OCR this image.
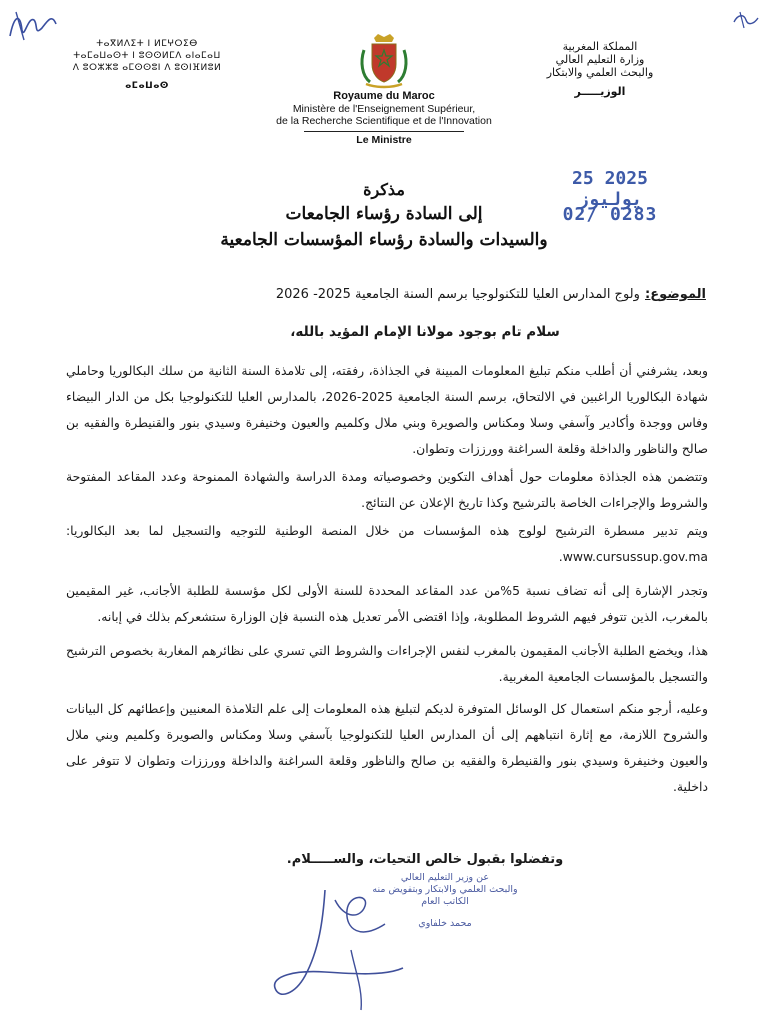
ⵜⴰⴳⵍⴷⵉⵜ ⵏ ⵍⵎⵖⵔⵉⴱ
ⵜⴰⵎⴰⵡⴰⵙⵜ ⵏ ⵓⵙⵙⵍⵎⴷ ⴰⵏⴰⵎⴰⵡ
ⴷ ⵓⵔⵣⵣⵓ ⴰⵎⵙⵙⵓⵏ ⴷ ⵓⵙⵏⴼⵍⵓⵍ
ⴰⵎⴰⵡⴰⵙ
Royaume du Maroc
Ministère de l'Enseignement Supérieur,
de la Recherche Scientifique et de l'Innovation
Le Ministre
المملكة المغربية
وزارة التعليم العالي
والبحث العلمي والابتكار
الوزيـــــر
2025 25 يوليوز
02/ 0283
مذكرة
إلى السادة رؤساء الجامعات
والسيدات والسادة رؤساء المؤسسات الجامعية
الموضوع: ولوج المدارس العليا للتكنولوجيا برسم السنة الجامعية 2025- 2026
سلام تام بوجود مولانا الإمام المؤيد بالله،

وبعد، يشرفني أن أطلب منكم تبليغ المعلومات المبينة في الجذاذة، رفقته، إلى تلامذة السنة الثانية من سلك البكالوريا وحاملي شهادة البكالوريا الراغبين في الالتحاق، برسم السنة الجامعية 2025-2026، بالمدارس العليا للتكنولوجيا بكل من الدار البيضاء وفاس ووجدة وأكادير وآسفي وسلا ومكناس والصويرة وبني ملال وكلميم والعيون وخنيفرة وسيدي بنور والقنيطرة والفقيه بن صالح والناظور والداخلة وقلعة السراغنة وورززات وتطوان.

وتتضمن هذه الجذاذة معلومات حول أهداف التكوين وخصوصياته ومدة الدراسة والشهادة الممنوحة وعدد المقاعد المفتوحة والشروط والإجراءات الخاصة بالترشيح وكذا تاريخ الإعلان عن النتائج.

ويتم تدبير مسطرة الترشيح لولوج هذه المؤسسات من خلال المنصة الوطنية للتوجيه والتسجيل لما بعد البكالوريا: www.cursussup.gov.ma.

وتجدر الإشارة إلى أنه تضاف نسبة 5%من عدد المقاعد المحددة للسنة الأولى لكل مؤسسة للطلبة الأجانب، غير المقيمين بالمغرب، الذين تتوفر فيهم الشروط المطلوبة، وإذا اقتضى الأمر تعديل هذه النسبة فإن الوزارة ستشعركم بذلك في إبانه.

هذا، ويخضع الطلبة الأجانب المقيمون بالمغرب لنفس الإجراءات والشروط التي تسري على نظائرهم المغاربة بخصوص الترشيح والتسجيل بالمؤسسات الجامعية المغربية.

وعليه، أرجو منكم استعمال كل الوسائل المتوفرة لديكم لتبليغ هذه المعلومات إلى علم التلامذة المعنيين وإعطائهم كل البيانات والشروح اللازمة، مع إثارة انتباههم إلى أن المدارس العليا للتكنولوجيا بآسفي وسلا ومكناس والصويرة وكلميم وبني ملال والعيون وخنيفرة وسيدي بنور والقنيطرة والفقيه بن صالح والناظور وقلعة السراغنة والداخلة وورززات وتطوان لا تتوفر على داخلية.

وتفضلوا بقبول خالص التحيات، والســـــلام.
عن وزير التعليم العالي
والبحث العلمي والابتكار وبتفويض منه
الكاتب العام
محمد خلفاوي
